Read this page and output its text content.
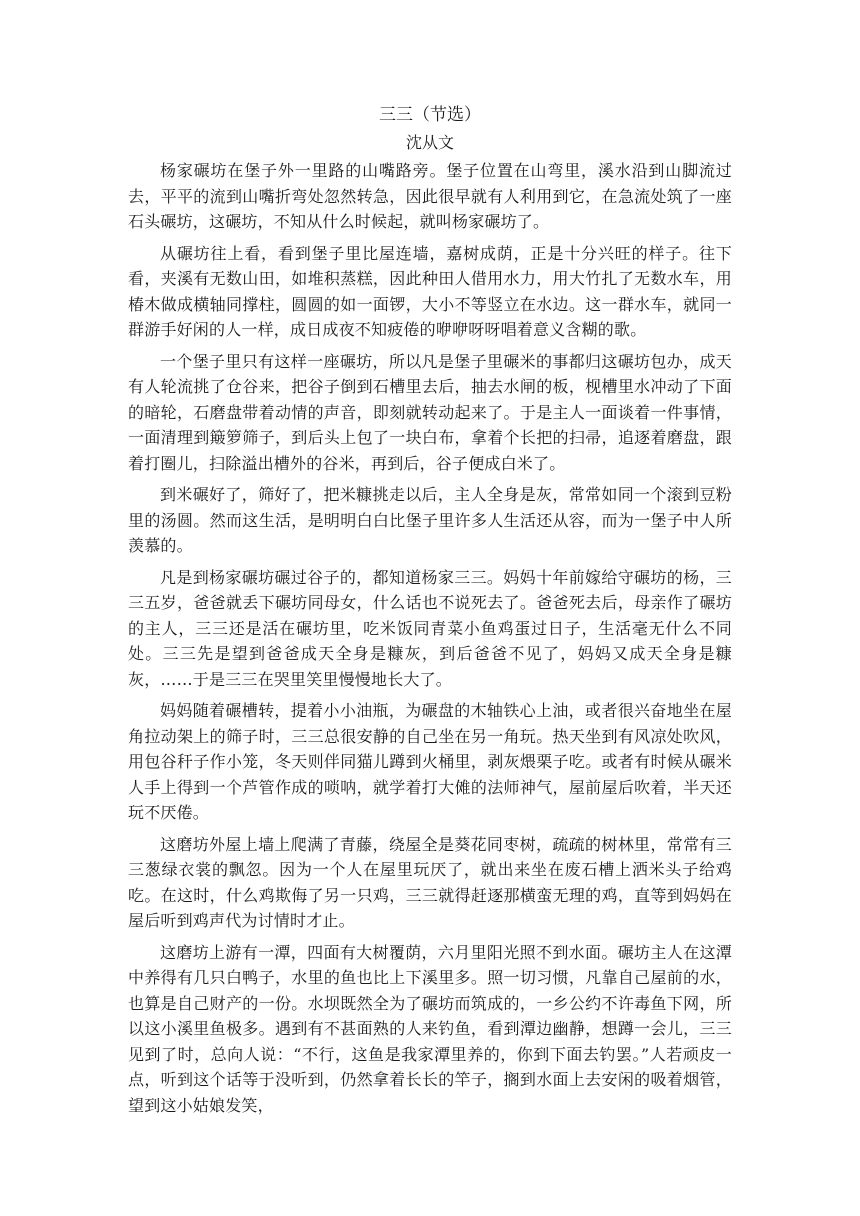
三三（节选）
沈从文

杨家碾坊在堡子外一里路的山嘴路旁。堡子位置在山弯里，溪水沿到山脚流过去，平平的流到山嘴折弯处忽然转急，因此很早就有人利用到它，在急流处筑了一座石头碾坊，这碾坊，不知从什么时候起，就叫杨家碾坊了。

从碾坊往上看，看到堡子里比屋连墙，嘉树成荫，正是十分兴旺的样子。往下看，夹溪有无数山田，如堆积蒸糕，因此种田人借用水力，用大竹扎了无数水车，用椿木做成横轴同撑柱，圆圆的如一面锣，大小不等竖立在水边。这一群水车，就同一群游手好闲的人一样，成日成夜不知疲倦的咿咿呀呀唱着意义含糊的歌。

一个堡子里只有这样一座碾坊，所以凡是堡子里碾米的事都归这碾坊包办，成天有人轮流挑了仓谷来，把谷子倒到石槽里去后，抽去水闸的板，枧槽里水冲动了下面的暗轮，石磨盘带着动情的声音，即刻就转动起来了。于是主人一面谈着一件事情，一面清理到簸箩筛子，到后头上包了一块白布，拿着个长把的扫帚，追逐着磨盘，跟着打圈儿，扫除溢出槽外的谷米，再到后，谷子便成白米了。

到米碾好了，筛好了，把米糠挑走以后，主人全身是灰，常常如同一个滚到豆粉里的汤圆。然而这生活，是明明白白比堡子里许多人生活还从容，而为一堡子中人所羡慕的。

凡是到杨家碾坊碾过谷子的，都知道杨家三三。妈妈十年前嫁给守碾坊的杨，三三五岁，爸爸就丢下碾坊同母女，什么话也不说死去了。爸爸死去后，母亲作了碾坊的主人，三三还是活在碾坊里，吃米饭同青菜小鱼鸡蛋过日子，生活毫无什么不同处。三三先是望到爸爸成天全身是糠灰，到后爸爸不见了，妈妈又成天全身是糠灰，……于是三三在哭里笑里慢慢地长大了。

妈妈随着碾槽转，提着小小油瓶，为碾盘的木轴铁心上油，或者很兴奋地坐在屋角拉动架上的筛子时，三三总很安静的自己坐在另一角玩。热天坐到有风凉处吹风，用包谷秆子作小笼，冬天则伴同猫儿蹲到火桶里，剥灰煨栗子吃。或者有时候从碾米人手上得到一个芦管作成的唢呐，就学着打大傩的法师神气，屋前屋后吹着，半天还玩不厌倦。

这磨坊外屋上墙上爬满了青藤，绕屋全是葵花同枣树，疏疏的树林里，常常有三三葱绿衣裳的飘忽。因为一个人在屋里玩厌了，就出来坐在废石槽上洒米头子给鸡吃。在这时，什么鸡欺侮了另一只鸡，三三就得赶逐那横蛮无理的鸡，直等到妈妈在屋后听到鸡声代为讨情时才止。

这磨坊上游有一潭，四面有大树覆荫，六月里阳光照不到水面。碾坊主人在这潭中养得有几只白鸭子，水里的鱼也比上下溪里多。照一切习惯，凡靠自己屋前的水，也算是自己财产的一份。水坝既然全为了碾坊而筑成的，一乡公约不许毒鱼下网，所以这小溪里鱼极多。遇到有不甚面熟的人来钓鱼，看到潭边幽静，想蹲一会儿，三三见到了时，总向人说：“不行，这鱼是我家潭里养的，你到下面去钓罢。”人若顽皮一点，听到这个话等于没听到，仍然拿着长长的竿子，搁到水面上去安闲的吸着烟管，望到这小姑娘发笑，
